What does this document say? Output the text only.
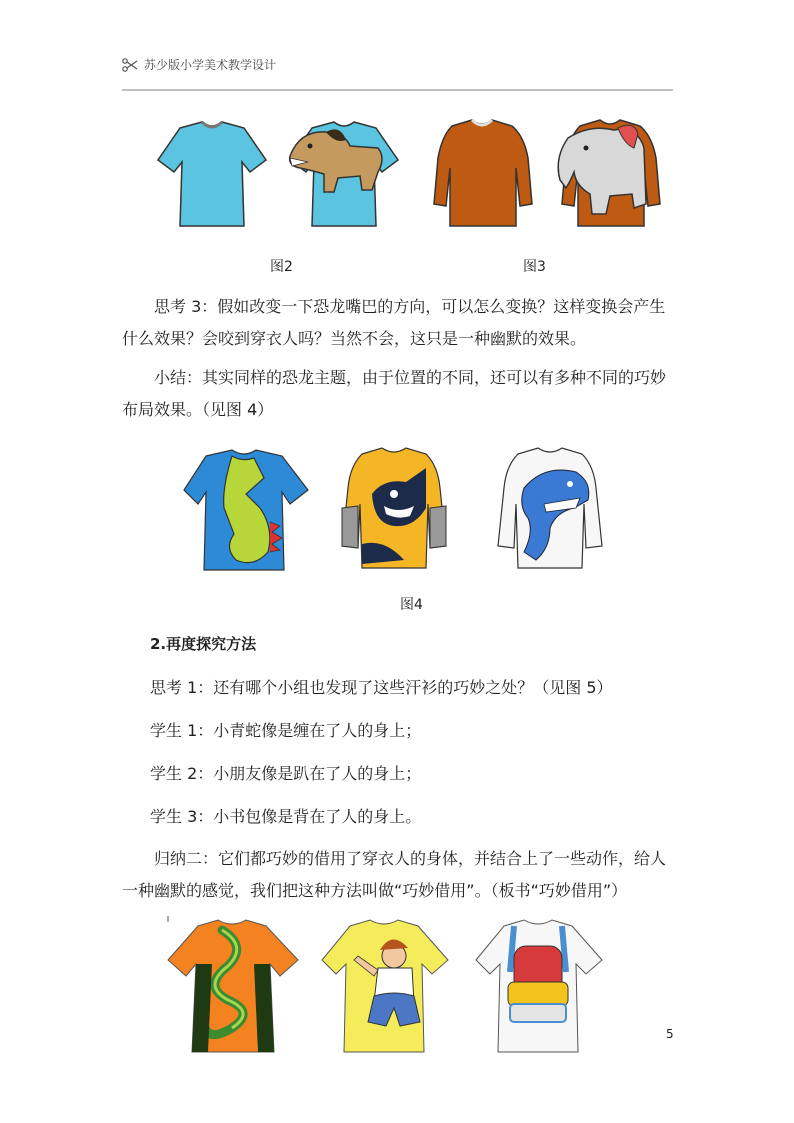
苏少版小学美术教学设计
图2	图3

思考 3：假如改变一下恐龙嘴巴的方向，可以怎么变换？这样变换会产生什么效果？会咬到穿衣人吗？当然不会，这只是一种幽默的效果。

小结：其实同样的恐龙主题，由于位置的不同，还可以有多种不同的巧妙布局效果。（见图 4）

图4
2.再度探究方法
思考 1：还有哪个小组也发现了这些汗衫的巧妙之处？（见图 5）
学生 1：小青蛇像是缠在了人的身上；
学生 2：小朋友像是趴在了人的身上；
学生 3：小书包像是背在了人的身上。

归纳二：它们都巧妙的借用了穿衣人的身体，并结合上了一些动作，给人一种幽默的感觉，我们把这种方法叫做“巧妙借用”。（板书“巧妙借用”）

5
